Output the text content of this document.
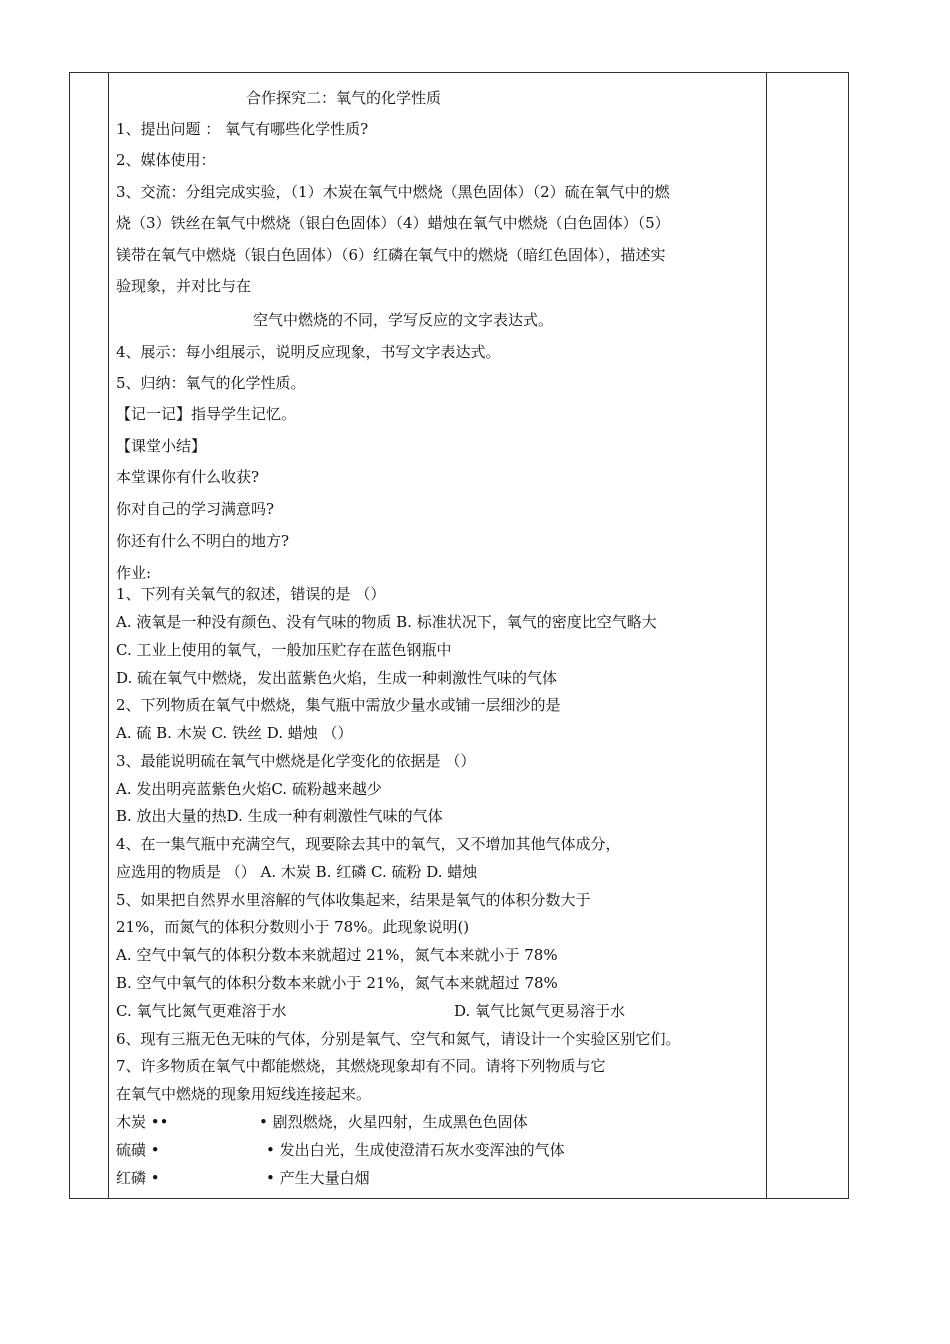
合作探究二：氧气的化学性质
1、提出问题 ： 氧气有哪些化学性质?
2、媒体使用：
3、交流：分组完成实验，（1）木炭在氧气中燃烧（黑色固体）（2）硫在氧气中的燃
烧（3）铁丝在氧气中燃烧（银白色固体）（4）蜡烛在氧气中燃烧（白色固体）（5）
镁带在氧气中燃烧（银白色固体）（6）红磷在氧气中的燃烧（暗红色固体），描述实
验现象，并对比与在
空气中燃烧的不同，学写反应的文字表达式。
4、展示：每小组展示，说明反应现象，书写文字表达式。
5、归纳：氧气的化学性质。
【记一记】指导学生记忆。
【课堂小结】
本堂课你有什么收获?
你对自己的学习满意吗?
你还有什么不明白的地方?
作业:
1、下列有关氧气的叙述，错误的是 （）
A. 液氧是一种没有颜色、没有气味的物质 B. 标准状况下，氧气的密度比空气略大
C. 工业上使用的氧气，一般加压贮存在蓝色钢瓶中
D. 硫在氧气中燃烧，发出蓝紫色火焰，生成一种刺激性气味的气体
2、下列物质在氧气中燃烧，集气瓶中需放少量水或铺一层细沙的是
A. 硫 B. 木炭 C. 铁丝 D. 蜡烛 （）
3、最能说明硫在氧气中燃烧是化学变化的依据是 （）
A. 发出明亮蓝紫色火焰C. 硫粉越来越少
B. 放出大量的热D. 生成一种有刺激性气味的气体
4、在一集气瓶中充满空气，现要除去其中的氧气，又不增加其他气体成分，
应选用的物质是 （） A. 木炭 B. 红磷 C. 硫粉 D. 蜡烛
5、如果把自然界水里溶解的气体收集起来，结果是氧气的体积分数大于
21%，而氮气的体积分数则小于 78%。此现象说明()
A. 空气中氧气的体积分数本来就超过 21%，氮气本来就小于 78%
B. 空气中氧气的体积分数本来就小于 21%，氮气本来就超过 78%
C. 氧气比氮气更难溶于水	D. 氧气比氮气更易溶于水
6、现有三瓶无色无味的气体，分别是氧气、空气和氮气，请设计一个实验区别它们。
7、许多物质在氧气中都能燃烧，其燃烧现象却有不同。请将下列物质与它
在氧气中燃烧的现象用短线连接起来。
木炭 ••	• 剧烈燃烧，火星四射，生成黑色色固体
硫磺 •	• 发出白光，生成使澄清石灰水变浑浊的气体
红磷 •	• 产生大量白烟
